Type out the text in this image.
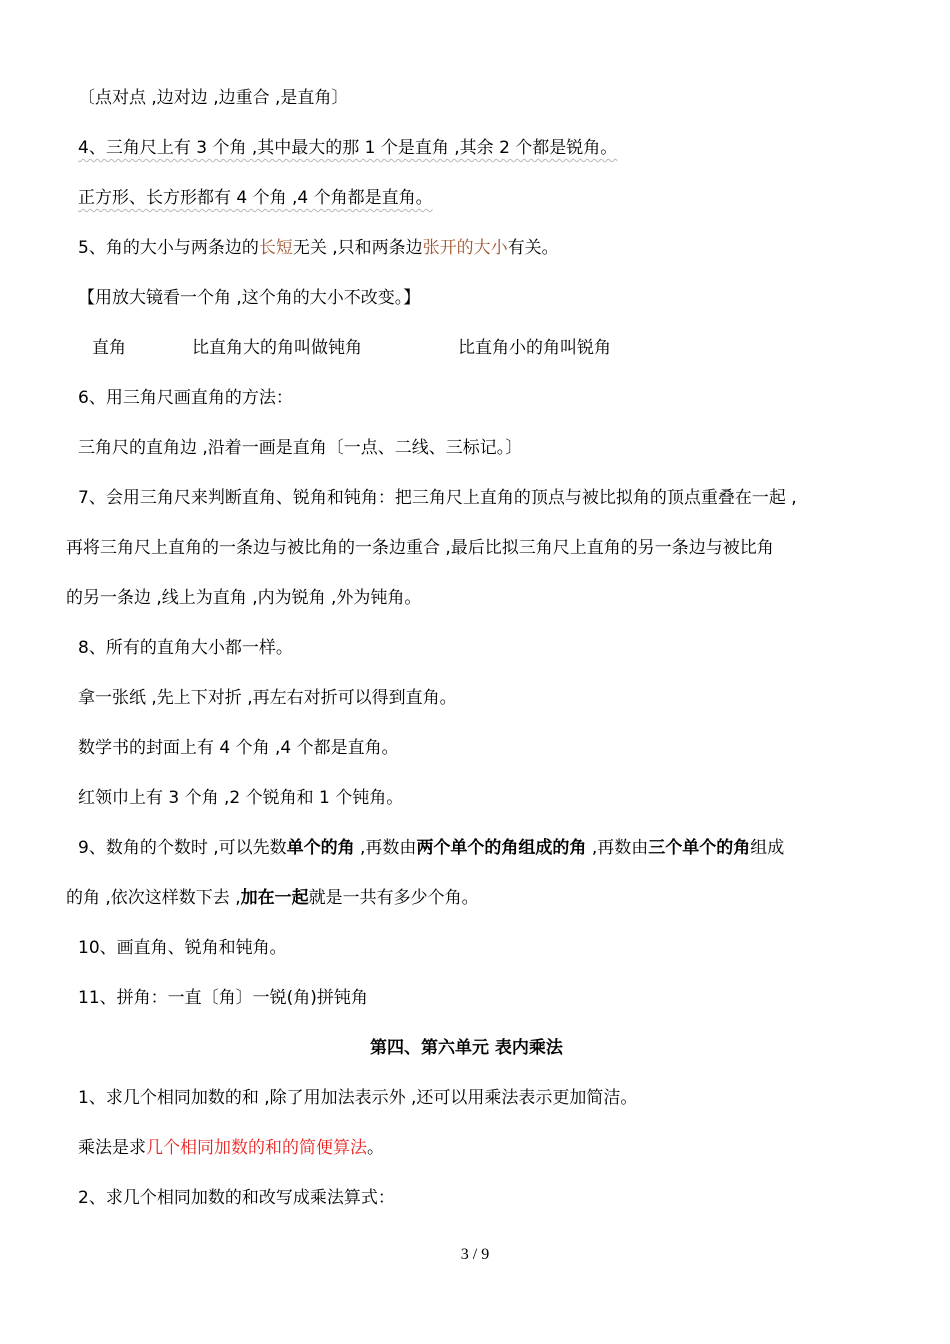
〔点对点 ,边对边 ,边重合 ,是直角〕
4、三角尺上有 3 个角 ,其中最大的那 1 个是直角 ,其余 2 个都是锐角。
正方形、长方形都有 4 个角 ,4 个角都是直角。
5、角的大小与两条边的长短无关 ,只和两条边张开的大小有关。
【用放大镜看一个角 ,这个角的大小不改变。】
直角	比直角大的角叫做钝角	比直角小的角叫锐角
6、用三角尺画直角的方法：
三角尺的直角边 ,沿着一画是直角〔一点、二线、三标记。〕
7、会用三角尺来判断直角、锐角和钝角：把三角尺上直角的顶点与被比拟角的顶点重叠在一起 ,
再将三角尺上直角的一条边与被比角的一条边重合 ,最后比拟三角尺上直角的另一条边与被比角
的另一条边 ,线上为直角 ,内为锐角 ,外为钝角。
8、所有的直角大小都一样。
拿一张纸 ,先上下对折 ,再左右对折可以得到直角。
数学书的封面上有 4 个角 ,4 个都是直角。
红领巾上有 3 个角 ,2 个锐角和 1 个钝角。
9、数角的个数时 ,可以先数单个的角 ,再数由两个单个的角组成的角 ,再数由三个单个的角组成
的角 ,依次这样数下去 ,加在一起就是一共有多少个角。
10、画直角、锐角和钝角。
11、拼角：一直〔角〕一锐(角)拼钝角
第四、第六单元 表内乘法
1、求几个相同加数的和 ,除了用加法表示外 ,还可以用乘法表示更加简洁。
乘法是求几个相同加数的和的简便算法。
2、求几个相同加数的和改写成乘法算式：
3 / 9
